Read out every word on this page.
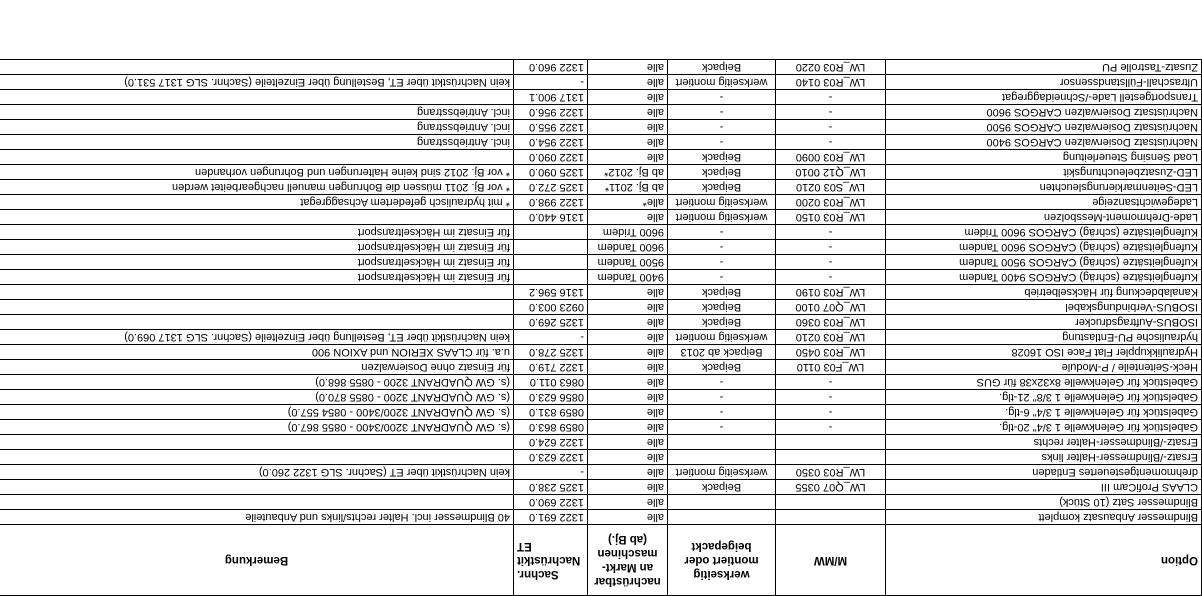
Option	M/MW	werkseitig montiert oder beigepackt	nachrüstbar an Markt-maschinen (ab Bj.)	Sachnr. Nachrüstkit ET	Bemerkung
Blindmesser Anbausatz komplett			alle	1322 691.0	40 Blindmesser incl. Halter rechts/links und Anbauteile
Blindmesser Satz (10 Stück)			alle	1322 690.0	
CLAAS ProfiCam III	LW_Q07 0355	Beipack	alle	1325 238.0	
drehmomentgesteuertes Entladen	LW_R03 0350	werkseitig montiert	alle	-	kein Nachrüstkit über ET (Sachnr. SLG 1322 260.0)
Ersatz-/Blindmesser-Halter links			alle	1322 623.0	
Ersatz-/Blindmesser-Halter rechts			alle	1322 624.0	
Gabelstück für Gelenkwelle 1 3/4" 20-tlg.	-	-	alle	0859 863.0	(s. GW QUADRANT 3200/3400 - 0855 867.0)
Gabelstück für Gelenkwelle 1 3/4" 6-tlg.	-	-	alle	0859 831.0	(s. GW QUADRANT 3200/3400 - 0854 557.0)
Gabelstück für Gelenkwelle 1 3/8" 21-tlg.	-	-	alle	0856 623.0	(s. GW QUADRANT 3200 - 0855 870.0)
Gabelstück für Gelenkwelle 8x32x38 für GUS	-	-	alle	0863 011.0	(s. GW QUADRANT 3200 - 0855 868.0)
Heck-Seitenteile / P-Module	LW_F03 0110	Beipack	alle	1322 719.0	für Einsatz ohne Dosierwalzen
Hydraulikkuppler Flat Face ISO 16028	LW_R03 0450	Beipack ab 2013	alle	1325 278.0	u.a. für CLAAS XERION und AXION 900
hydraulische PU-Entlastung	LW_R03 0210	werkseitig montiert	alle	-	kein Nachrüstkit über ET, Bestellung über Einzelteile (Sachnr. SLG 1317 069.0)
ISOBUS-Auftragsdrucker	LW_R03 0360	Beipack	alle	1325 269.0	
ISOBUS-Verbindungskabel	LW_Q07 0100	Beipack	alle	0923 003.0	
Kanalabdeckung für Häckselbetrieb	LW_R03 0190	Beipack	alle	1316 596.2	
Kufengleitsätze (schräg) CARGOS 9400 Tandem	-	-	9400 Tandem		für Einsatz im Häckseltransport
Kufengleitsätze (schräg) CARGOS 9500 Tandem	-	-	9500 Tandem		für Einsatz im Häckseltransport
Kufengleitsätze (schräg) CARGOS 9600 Tandem	-	-	9600 Tandem		für Einsatz im Häckseltransport
Kufengleitsätze (schräg) CARGOS 9600 Tridem	-	-	9600 Tridem		für Einsatz im Häckseltransport
Lade-Drehmoment-Messbolzen	LW_R03 0150	werkseitig montiert	alle	1316 440.0	
Ladegewichtsanzeige	LW_R03 0200	werkseitig montiert	alle*	1322 998.0	* mit hydraulisch gefedertem Achsaggregat
LED-Seitenmarkierungsleuchten	LW_S03 0210	Beipack	ab Bj. 2011*	1325 272.0	* vor Bj. 2011 müssen die Bohrungen manuell nachgearbeitet werden
LED-Zusatzbeleuchtungskit	LW_Q12 0010	Beipack	ab Bj. 2012*	1325 090.0	* vor Bj. 2012 sind keine Halterungen und Bohrungen vorhanden
Load Sensing Steuerleitung	LW_R03 0090	Beipack	alle	1322 090.0	
Nachrüstsatz Dosierwalzen CARGOS 9400	-	-	alle	1322 954.0	incl. Antriebsstrang
Nachrüstsatz Dosierwalzen CARGOS 9500	-	-	alle	1322 955.0	incl. Antriebsstrang
Nachrüstsatz Dosierwalzen CARGOS 9600	-	-	alle	1322 956.0	incl. Antriebsstrang
Transportgestell Lade-/Schneidaggregat	-	-	alle	1317 900.1	
Ultraschall-Füllstandssensor	LW_R03 0140	werkseitig montiert	alle	-	kein Nachrüstkit über ET, Bestellung über Einzelteile (Sachnr. SLG 1317 531.0)
Zusatz-Tastrolle PU	LW_R03 0220	Beipack	alle	1322 960.0	
